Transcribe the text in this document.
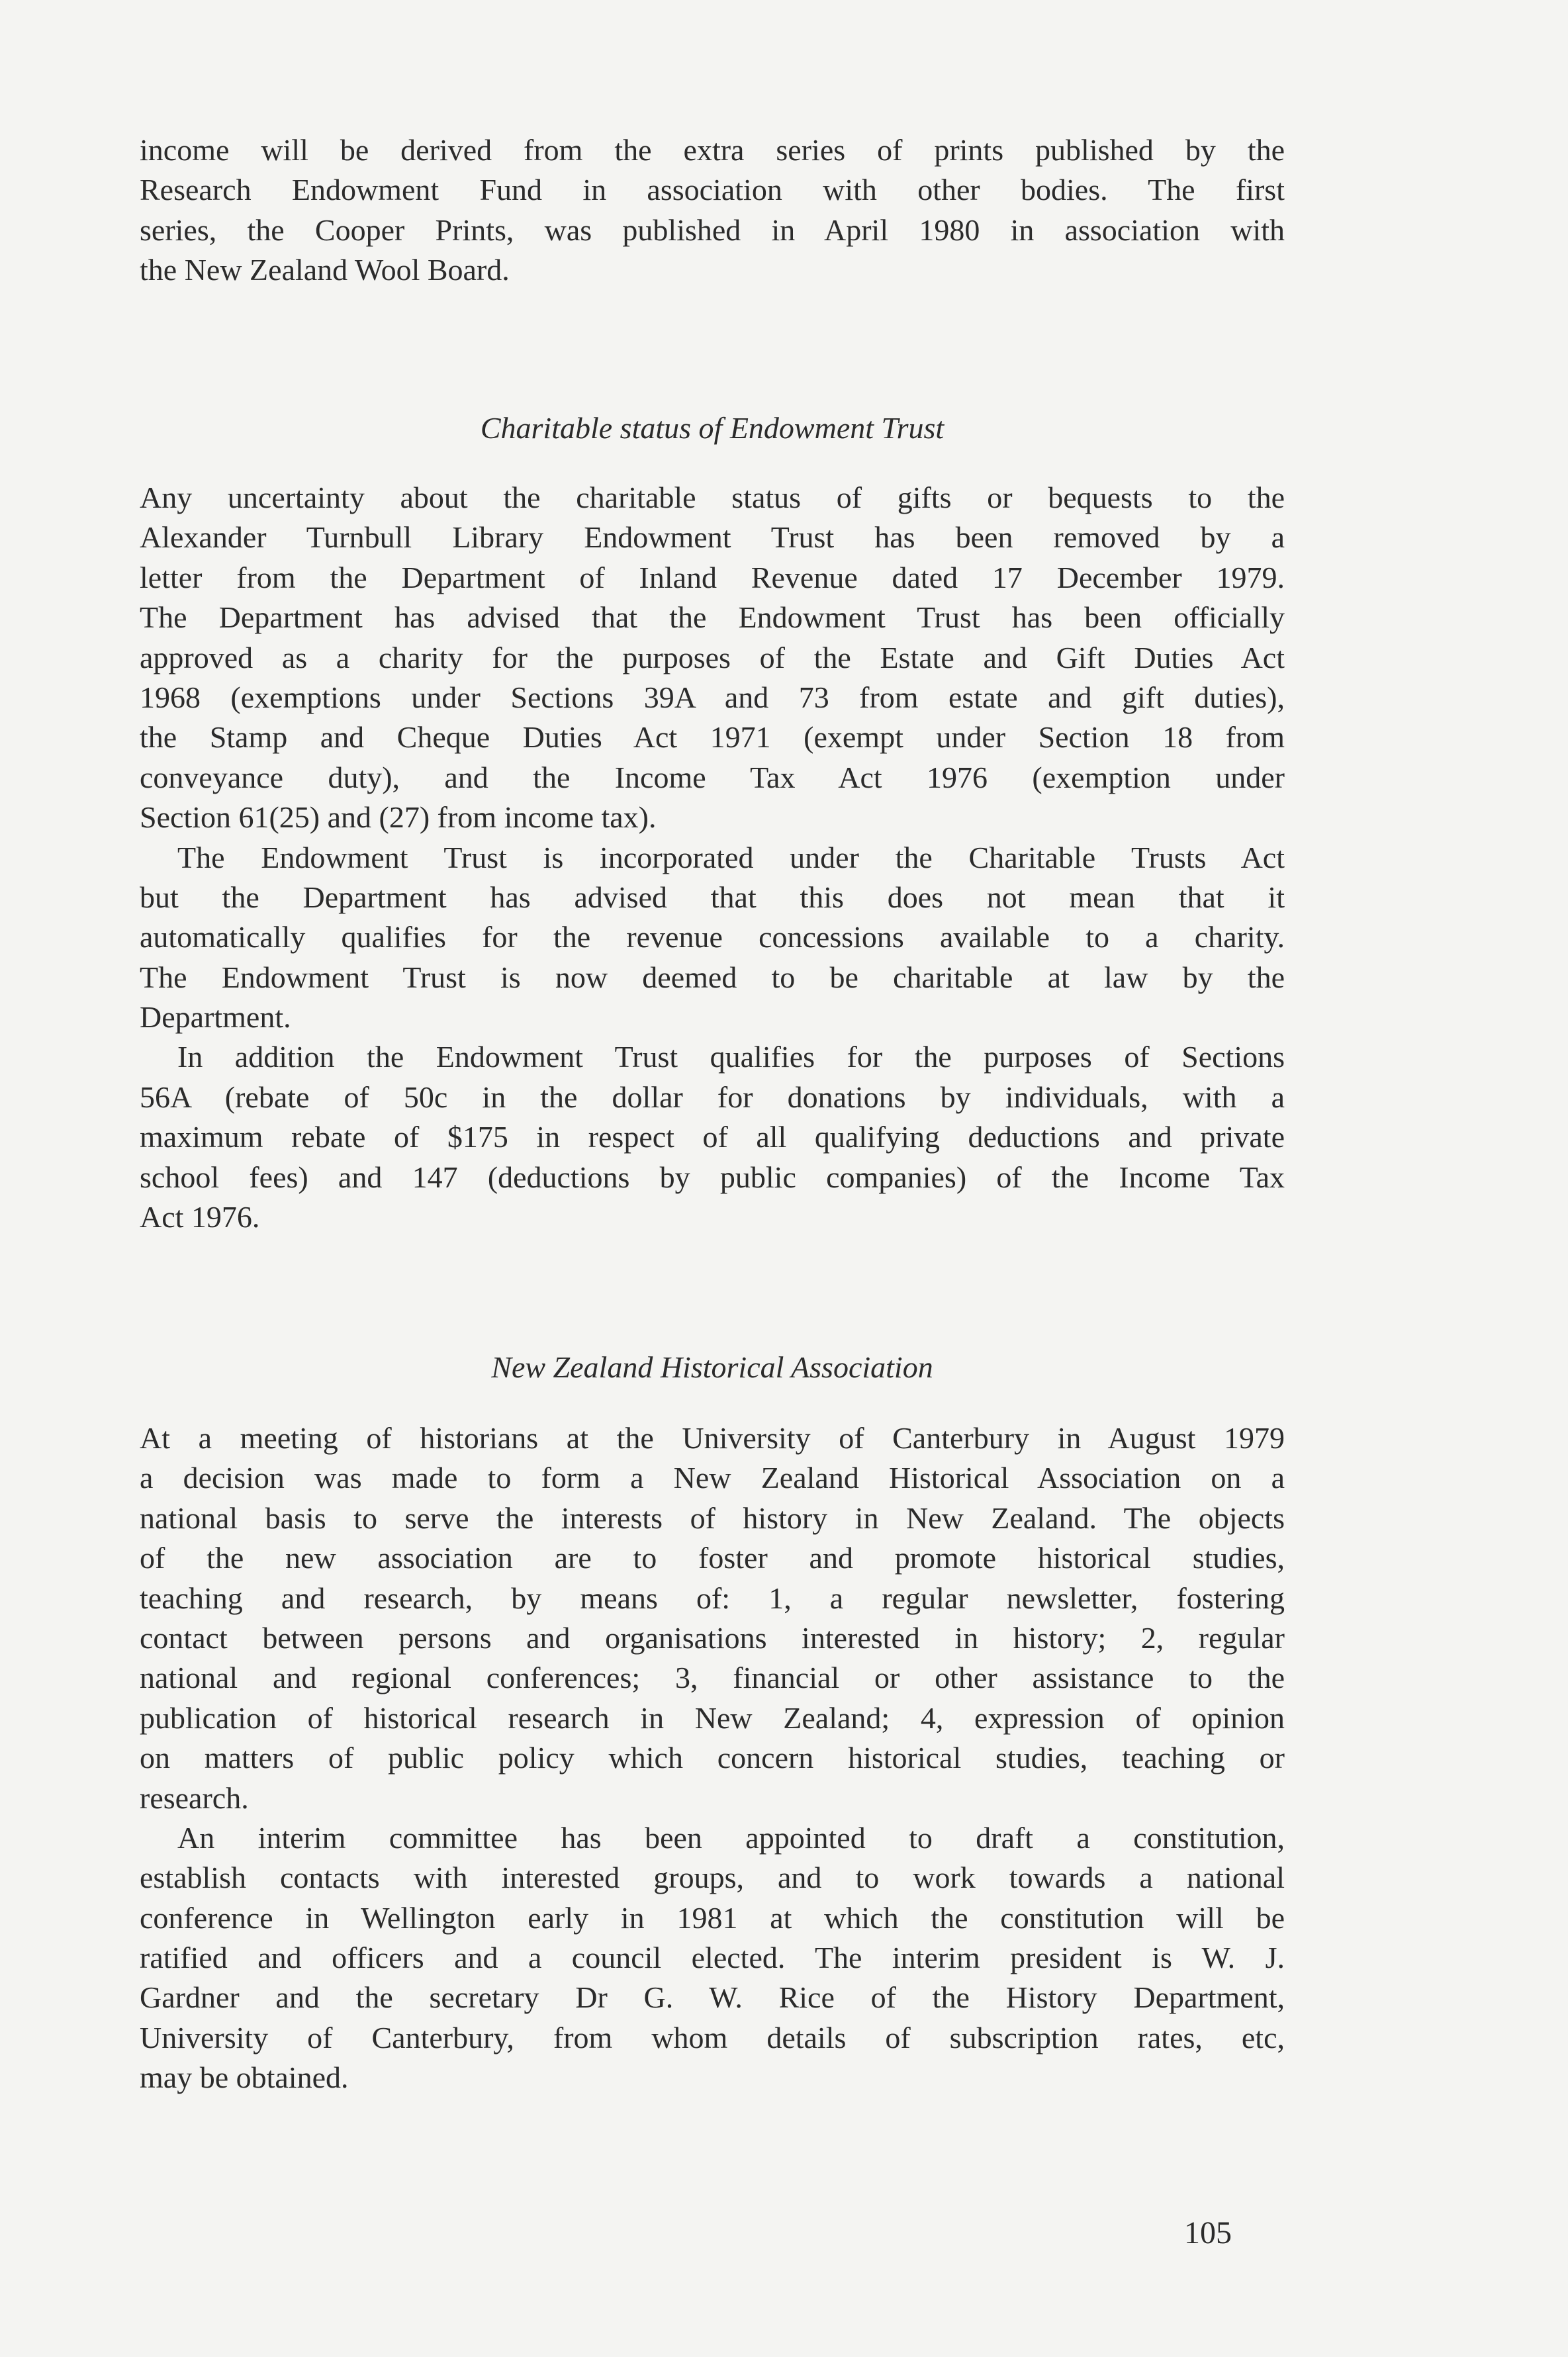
income will be derived from the extra series of prints published by the
Research Endowment Fund in association with other bodies. The first
series, the Cooper Prints, was published in April 1980 in association with
the New Zealand Wool Board.
Charitable status of Endowment Trust
Any uncertainty about the charitable status of gifts or bequests to the
Alexander Turnbull Library Endowment Trust has been removed by a
letter from the Department of Inland Revenue dated 17 December 1979.
The Department has advised that the Endowment Trust has been officially
approved as a charity for the purposes of the Estate and Gift Duties Act
1968 (exemptions under Sections 39A and 73 from estate and gift duties),
the Stamp and Cheque Duties Act 1971 (exempt under Section 18 from
conveyance duty), and the Income Tax Act 1976 (exemption under
Section 61(25) and (27) from income tax).
The Endowment Trust is incorporated under the Charitable Trusts Act
but the Department has advised that this does not mean that it
automatically qualifies for the revenue concessions available to a charity.
The Endowment Trust is now deemed to be charitable at law by the
Department.
In addition the Endowment Trust qualifies for the purposes of Sections
56A (rebate of 50c in the dollar for donations by individuals, with a
maximum rebate of $175 in respect of all qualifying deductions and private
school fees) and 147 (deductions by public companies) of the Income Tax
Act 1976.
New Zealand Historical Association
At a meeting of historians at the University of Canterbury in August 1979
a decision was made to form a New Zealand Historical Association on a
national basis to serve the interests of history in New Zealand. The objects
of the new association are to foster and promote historical studies,
teaching and research, by means of: 1, a regular newsletter, fostering
contact between persons and organisations interested in history; 2, regular
national and regional conferences; 3, financial or other assistance to the
publication of historical research in New Zealand; 4, expression of opinion
on matters of public policy which concern historical studies, teaching or
research.
An interim committee has been appointed to draft a constitution,
establish contacts with interested groups, and to work towards a national
conference in Wellington early in 1981 at which the constitution will be
ratified and officers and a council elected. The interim president is W. J.
Gardner and the secretary Dr G. W. Rice of the History Department,
University of Canterbury, from whom details of subscription rates, etc,
may be obtained.
105
